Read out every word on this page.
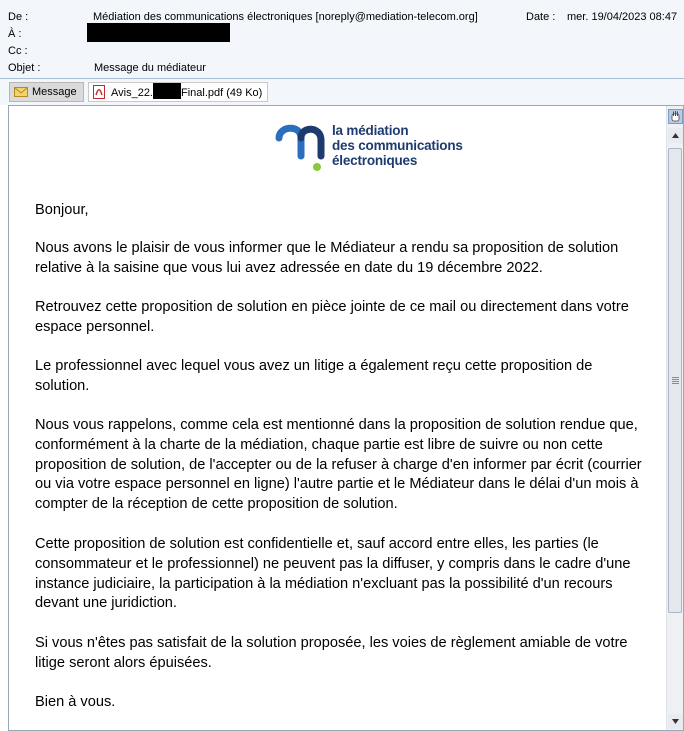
De :	Médiation des communications électroniques [noreply@mediation-telecom.org]	Date : mer. 19/04/2023 08:47
À :
Cc :
Objet :	Message du médiateur
Message	Avis_22.	Final.pdf (49 Ko)
la médiation
des communications
électroniques
Bonjour,
Nous avons le plaisir de vous informer que le Médiateur a rendu sa proposition de solution relative à la saisine que vous lui avez adressée en date du 19 décembre 2022.
Retrouvez cette proposition de solution en pièce jointe de ce mail ou directement dans votre espace personnel.
Le professionnel avec lequel vous avez un litige a également reçu cette proposition de solution.
Nous vous rappelons, comme cela est mentionné dans la proposition de solution rendue que, conformément à la charte de la médiation, chaque partie est libre de suivre ou non cette proposition de solution, de l'accepter ou de la refuser à charge d'en informer par écrit (courrier ou via votre espace personnel en ligne) l'autre partie et le Médiateur dans le délai d'un mois à compter de la réception de cette proposition de solution.
Cette proposition de solution est confidentielle et, sauf accord entre elles, les parties (le consommateur et le professionnel) ne peuvent pas la diffuser, y compris dans le cadre d'une instance judiciaire, la participation à la médiation n'excluant pas la possibilité d'un recours devant une juridiction.
Si vous n'êtes pas satisfait de la solution proposée, les voies de règlement amiable de votre litige seront alors épuisées.
Bien à vous.
